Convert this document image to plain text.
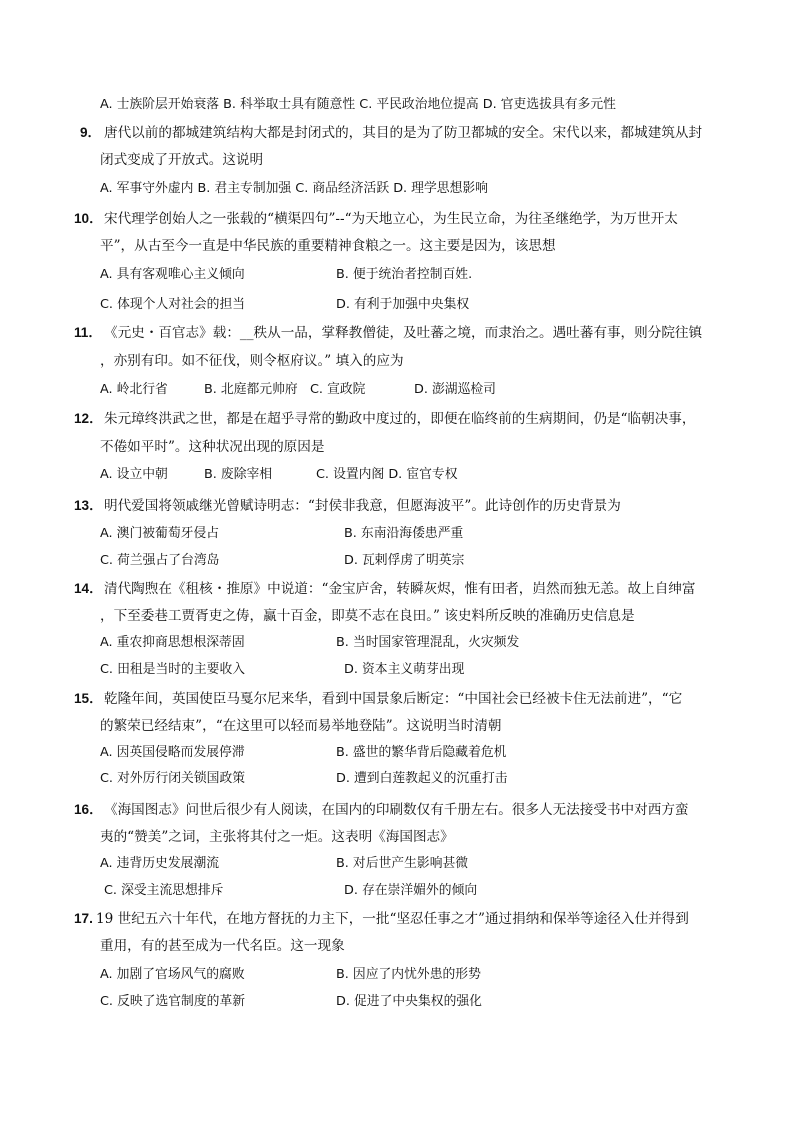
A. 士族阶层开始衰落 B. 科举取士具有随意性 C. 平民政治地位提高 D. 官吏选拔具有多元性
9． 唐代以前的都城建筑结构大都是封闭式的，其目的是为了防卫都城的安全。宋代以来，都城建筑从封
闭式变成了开放式。这说明
A. 军事守外虚内 B. 君主专制加强 C. 商品经济活跃 D. 理学思想影响
10． 宋代理学创始人之一张载的“横渠四句”--“为天地立心，为生民立命，为往圣继绝学，为万世开太
平”，从古至今一直是中华民族的重要精神食粮之一。这主要是因为，该思想
A. 具有客观唯心主义倾向	B. 便于统治者控制百姓.
C. 体现个人对社会的担当	D. 有利于加强中央集权
11． 《元史・百官志》载：__秩从一品，掌释教僧徒，及吐蕃之境，而隶治之。遇吐蕃有事，则分院往镇
，亦别有印。如不征伐，则令枢府议。” 填入的应为
A. 岭北行省	B. 北庭都元帅府 C. 宣政院	D. 澎湖巡检司
12． 朱元璋终洪武之世，都是在超乎寻常的勤政中度过的，即便在临终前的生病期间，仍是“临朝决事，
不倦如平时”。这种状况出现的原因是
A. 设立中朝	B. 废除宰相	C. 设置内阁 D. 宦官专权
13． 明代爱国将领戚继光曾赋诗明志：“封侯非我意，但愿海波平”。此诗创作的历史背景为
A. 澳门被葡萄牙侵占	B. 东南沿海倭患严重
C. 荷兰强占了台湾岛	D. 瓦剌俘虏了明英宗
14． 清代陶煦在《租核・推原》中说道：“金宝庐舍，转瞬灰烬，惟有田者，岿然而独无恙。故上自绅富
，下至委巷工贾胥吏之俦，赢十百金，即莫不志在良田。” 该史料所反映的准确历史信息是
A. 重农抑商思想根深蒂固	B. 当时国家管理混乱，火灾频发
C. 田租是当时的主要收入	D. 资本主义萌芽出现
15． 乾隆年间，英国使臣马戛尔尼来华，看到中国景象后断定：“中国社会已经被卡住无法前进”，“它
的繁荣已经结束”，“在这里可以轻而易举地登陆”。这说明当时清朝
A. 因英国侵略而发展停滞	B. 盛世的繁华背后隐藏着危机
C. 对外厉行闭关锁国政策	D. 遭到白莲教起义的沉重打击
16． 《海国图志》问世后很少有人阅读，在国内的印刷数仅有千册左右。很多人无法接受书中对西方蛮
夷的“赞美”之词，主张将其付之一炬。这表明《海国图志》
A. 违背历史发展潮流	B. 对后世产生影响甚微
C. 深受主流思想排斥	D. 存在崇洋媚外的倾向
17. 19 世纪五六十年代，在地方督抚的力主下，一批“坚忍任事之才”通过捐纳和保举等途径入仕并得到
重用，有的甚至成为一代名臣。这一现象
A. 加剧了官场风气的腐败	B. 因应了内忧外患的形势
C. 反映了选官制度的革新	D. 促进了中央集权的强化
